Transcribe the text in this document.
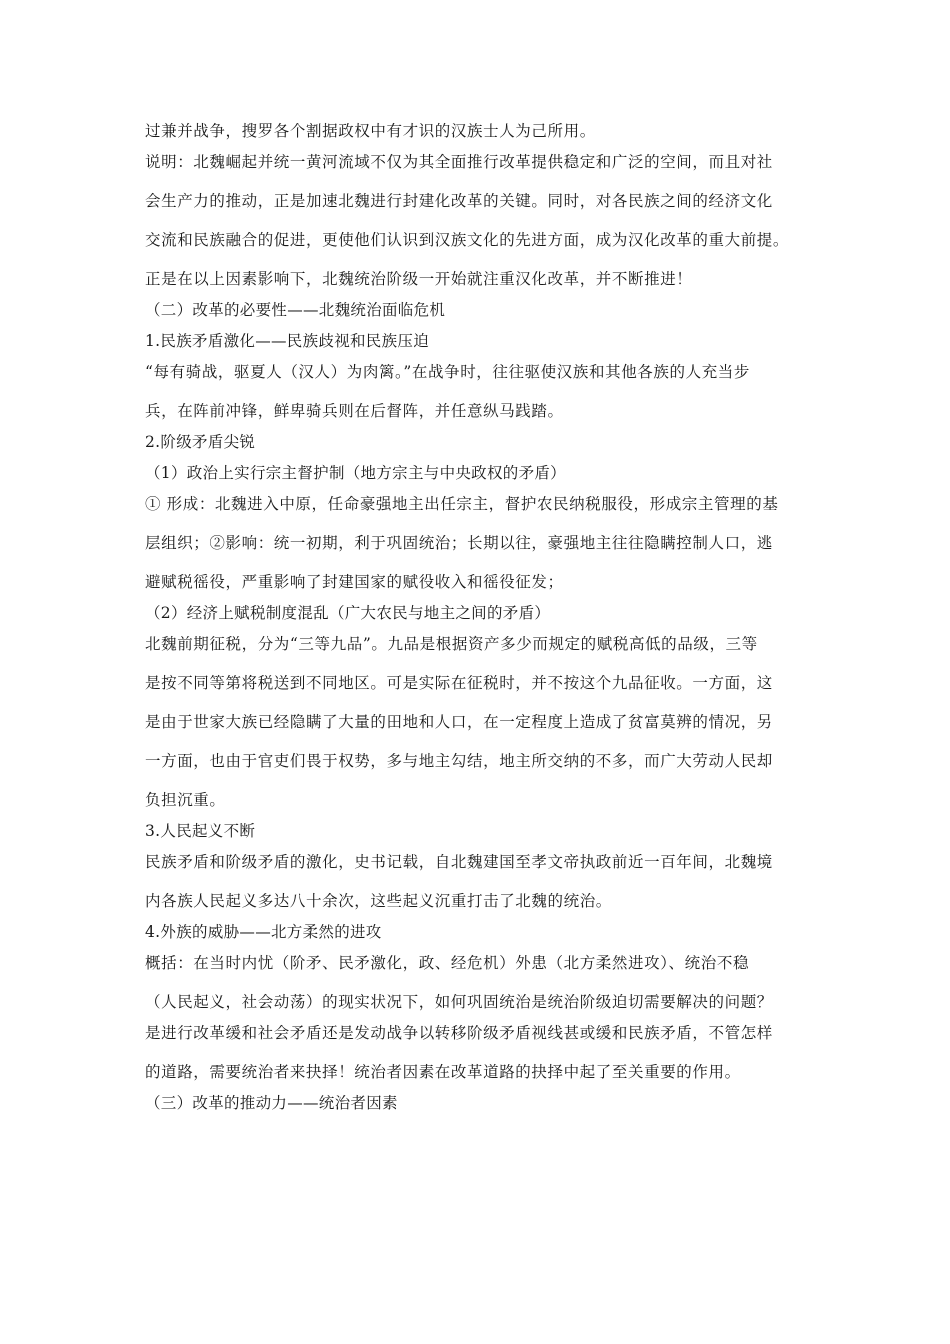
过兼并战争，搜罗各个割据政权中有才识的汉族士人为己所用。

说明：北魏崛起并统一黄河流域不仅为其全面推行改革提供稳定和广泛的空间，而且对社

会生产力的推动，正是加速北魏进行封建化改革的关键。同时，对各民族之间的经济文化

交流和民族融合的促进，更使他们认识到汉族文化的先进方面，成为汉化改革的重大前提。

正是在以上因素影响下，北魏统治阶级一开始就注重汉化改革，并不断推进！

（二）改革的必要性——北魏统治面临危机

1.民族矛盾激化——民族歧视和民族压迫

“每有骑战，驱夏人（汉人）为肉篱。”在战争时，往往驱使汉族和其他各族的人充当步

兵，在阵前冲锋，鲜卑骑兵则在后督阵，并任意纵马践踏。

2.阶级矛盾尖锐

（1）政治上实行宗主督护制（地方宗主与中央政权的矛盾）

① 形成：北魏进入中原，任命豪强地主出任宗主，督护农民纳税服役，形成宗主管理的基

层组织；②影响：统一初期，利于巩固统治；长期以往，豪强地主往往隐瞒控制人口，逃

避赋税徭役，严重影响了封建国家的赋役收入和徭役征发；

（2）经济上赋税制度混乱（广大农民与地主之间的矛盾）

北魏前期征税，分为“三等九品”。九品是根据资产多少而规定的赋税高低的品级，三等

是按不同等第将税送到不同地区。可是实际在征税时，并不按这个九品征收。一方面，这

是由于世家大族已经隐瞒了大量的田地和人口，在一定程度上造成了贫富莫辨的情况，另

一方面，也由于官吏们畏于权势，多与地主勾结，地主所交纳的不多，而广大劳动人民却

负担沉重。

3.人民起义不断

民族矛盾和阶级矛盾的激化，史书记载，自北魏建国至孝文帝执政前近一百年间，北魏境

内各族人民起义多达八十余次，这些起义沉重打击了北魏的统治。

4.外族的威胁——北方柔然的进攻

概括：在当时内忧（阶矛、民矛激化，政、经危机）外患（北方柔然进攻）、统治不稳

（人民起义，社会动荡）的现实状况下，如何巩固统治是统治阶级迫切需要解决的问题？

是进行改革缓和社会矛盾还是发动战争以转移阶级矛盾视线甚或缓和民族矛盾，不管怎样

的道路，需要统治者来抉择！统治者因素在改革道路的抉择中起了至关重要的作用。

（三）改革的推动力——统治者因素
